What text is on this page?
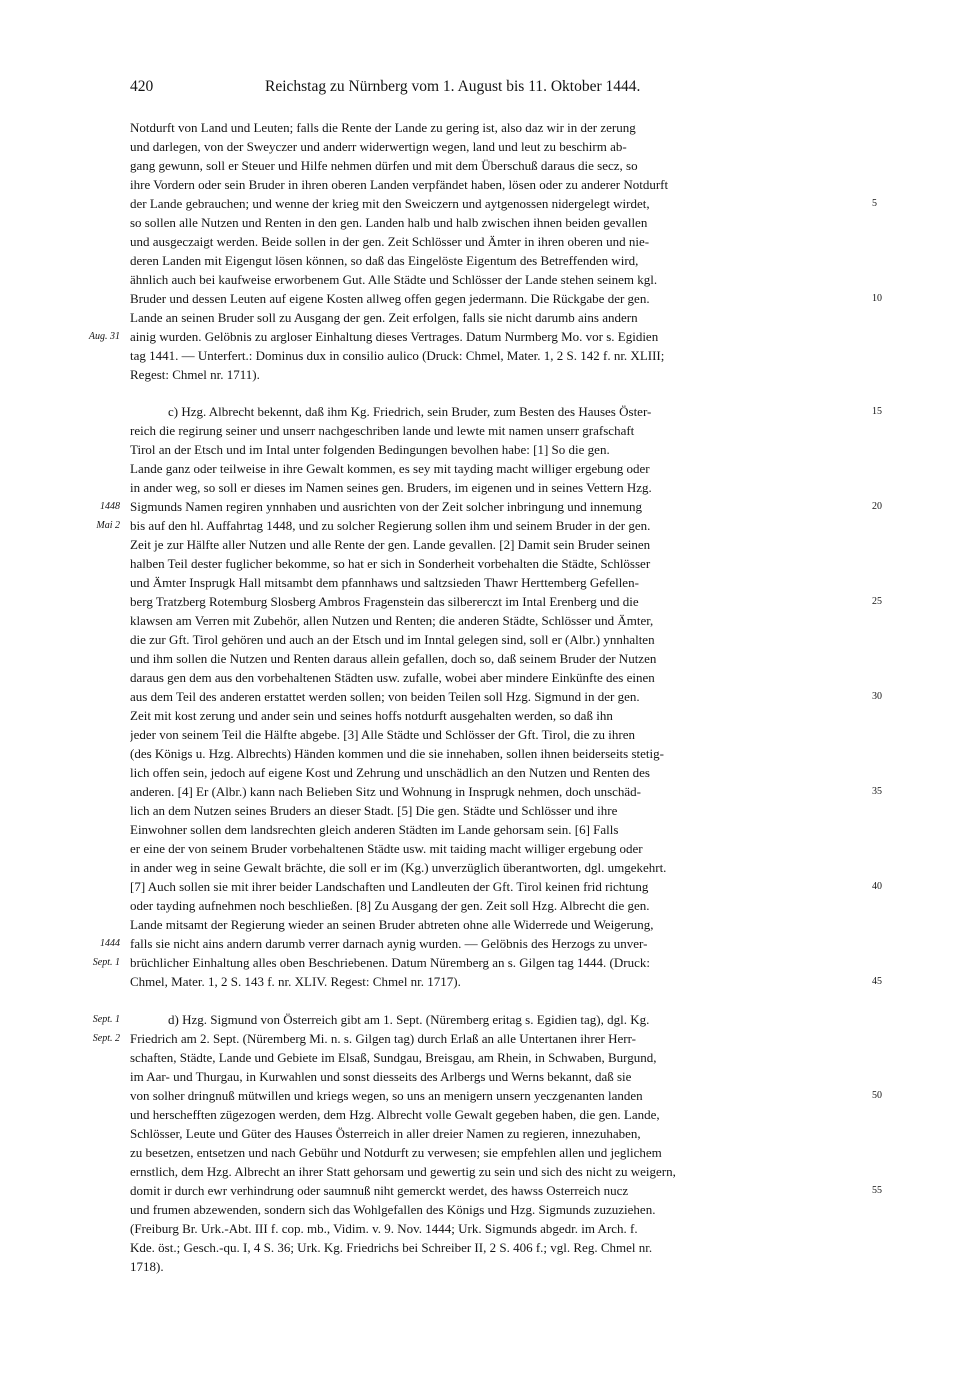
420	Reichstag zu Nürnberg vom 1. August bis 11. Oktober 1444.
Notdurft von Land und Leuten; falls die Rente der Lande zu gering ist, also daz wir in der zerung
und darlegen, von der Sweyczer und anderr widerwertign wegen, land und leut zu beschirm ab-
gang gewunn, soll er Steuer und Hilfe nehmen dürfen und mit dem Überschuß daraus die secz, so
ihre Vordern oder sein Bruder in ihren oberen Landen verpfändet haben, lösen oder zu anderer Notdurft
der Lande gebrauchen; und wenne der krieg mit den Sweiczern und aytgenossen nidergelegt wirdet,	5
so sollen alle Nutzen und Renten in den gen. Landen halb und halb zwischen ihnen beiden gevallen
und ausgeczaigt werden. Beide sollen in der gen. Zeit Schlösser und Ämter in ihren oberen und nie-
deren Landen mit Eigengut lösen können, so daß das Eingelöste Eigentum des Betreffenden wird,
ähnlich auch bei kaufweise erworbenem Gut. Alle Städte und Schlösser der Lande stehen seinem kgl.
Bruder und dessen Leuten auf eigene Kosten allweg offen gegen jedermann. Die Rückgabe der gen.	10
Lande an seinen Bruder soll zu Ausgang der gen. Zeit erfolgen, falls sie nicht darumb ains andern
Aug. 31 ainig wurden. Gelöbnis zu argloser Einhaltung dieses Vertrages. Datum Nurmberg Mo. vor s. Egidien
tag 1441. — Unterfert.: Dominus dux in consilio aulico (Druck: Chmel, Mater. 1, 2 S. 142 f. nr. XLIII;
Regest: Chmel nr. 1711).
c) Hzg. Albrecht bekennt, daß ihm Kg. Friedrich, sein Bruder, zum Besten des Hauses Öster-	15
reich die regirung seiner und unserr nachgeschriben lande und lewte mit namen unserr grafschaft
Tirol an der Etsch und im Intal unter folgenden Bedingungen bevolhen habe: [1] So die gen.
Lande ganz oder teilweise in ihre Gewalt kommen, es sey mit tayding macht williger ergebung oder
in ander weg, so soll er dieses im Namen seines gen. Bruders, im eigenen und in seines Vettern Hzg.
1448 Sigmunds Namen regiren ynnhaben und ausrichten von der Zeit solcher inbringung und innemung	20
Mai 2 bis auf den hl. Auffahrtag 1448, und zu solcher Regierung sollen ihm und seinem Bruder in der gen.
Zeit je zur Hälfte aller Nutzen und alle Rente der gen. Lande gevallen. [2] Damit sein Bruder seinen
halben Teil dester fuglicher bekomme, so hat er sich in Sonderheit vorbehalten die Städte, Schlösser
und Ämter Insprugk Hall mitsambt dem pfannhaws und saltzsieden Thawr Herttemberg Gefellen-
berg Tratzberg Rotemburg Slosberg Ambros Fragenstein das silbererczt im Intal Erenberg und die	25
klawsen am Verren mit Zubehör, allen Nutzen und Renten; die anderen Städte, Schlösser und Ämter,
die zur Gft. Tirol gehören und auch an der Etsch und im Inntal gelegen sind, soll er (Albr.) ynnhalten
und ihm sollen die Nutzen und Renten daraus allein gefallen, doch so, daß seinem Bruder der Nutzen
daraus gen dem aus den vorbehaltenen Städten usw. zufalle, wobei aber mindere Einkünfte des einen
aus dem Teil des anderen erstattet werden sollen; von beiden Teilen soll Hzg. Sigmund in der gen.	30
Zeit mit kost zerung und ander sein und seines hoffs notdurft ausgehalten werden, so daß ihn
jeder von seinem Teil die Hälfte abgebe. [3] Alle Städte und Schlösser der Gft. Tirol, die zu ihren
(des Königs u. Hzg. Albrechts) Händen kommen und die sie innehaben, sollen ihnen beiderseits stetig-
lich offen sein, jedoch auf eigene Kost und Zehrung und unschädlich an den Nutzen und Renten des
anderen. [4] Er (Albr.) kann nach Belieben Sitz und Wohnung in Insprugk nehmen, doch unschäd-	35
lich an dem Nutzen seines Bruders an dieser Stadt. [5] Die gen. Städte und Schlösser und ihre
Einwohner sollen dem landsrechten gleich anderen Städten im Lande gehorsam sein. [6] Falls
er eine der von seinem Bruder vorbehaltenen Städte usw. mit taiding macht williger ergebung oder
in ander weg in seine Gewalt brächte, die soll er im (Kg.) unverzüglich überantworten, dgl. umgekehrt.
[7] Auch sollen sie mit ihrer beider Landschaften und Landleuten der Gft. Tirol keinen frid richtung	40
oder tayding aufnehmen noch beschließen. [8] Zu Ausgang der gen. Zeit soll Hzg. Albrecht die gen.
Lande mitsamt der Regierung wieder an seinen Bruder abtreten ohne alle Widerrede und Weigerung,
1444 falls sie nicht ains andern darumb verrer darnach aynig wurden. — Gelöbnis des Herzogs zu unver-
Sept. 1 brüchlicher Einhaltung alles oben Beschriebenen. Datum Nüremberg an s. Gilgen tag 1444. (Druck:
Chmel, Mater. 1, 2 S. 143 f. nr. XLIV. Regest: Chmel nr. 1717).	45
Sept. 1	d) Hzg. Sigmund von Österreich gibt am 1. Sept. (Nüremberg eritag s. Egidien tag), dgl. Kg.
Sept. 2 Friedrich am 2. Sept. (Nüremberg Mi. n. s. Gilgen tag) durch Erlaß an alle Untertanen ihrer Herr-
schaften, Städte, Lande und Gebiete im Elsaß, Sundgau, Breisgau, am Rhein, in Schwaben, Burgund,
im Aar- und Thurgau, in Kurwahlen und sonst diesseits des Arlbergs und Werns bekannt, daß sie
von solher dringnuß mütwillen und kriegs wegen, so uns an menigern unsern yeczgenanten landen	50
und herschefften zügezogen werden, dem Hzg. Albrecht volle Gewalt gegeben haben, die gen. Lande,
Schlösser, Leute und Güter des Hauses Österreich in aller dreier Namen zu regieren, innezuhaben,
zu besetzen, entsetzen und nach Gebühr und Notdurft zu verwesen; sie empfehlen allen und jeglichem
ernstlich, dem Hzg. Albrecht an ihrer Statt gehorsam und gewertig zu sein und sich des nicht zu weigern,
domit ir durch ewr verhindrung oder saumnuß niht gemerckt werdet, des hawss Osterreich nucz	55
und frumen abzewenden, sondern sich das Wohlgefallen des Königs und Hzg. Sigmunds zuzuziehen.
(Freiburg Br. Urk.-Abt. III f. cop. mb., Vidim. v. 9. Nov. 1444; Urk. Sigmunds abgedr. im Arch. f.
Kde. öst.; Gesch.-qu. I, 4 S. 36; Urk. Kg. Friedrichs bei Schreiber II, 2 S. 406 f.; vgl. Reg. Chmel nr.
1718).
